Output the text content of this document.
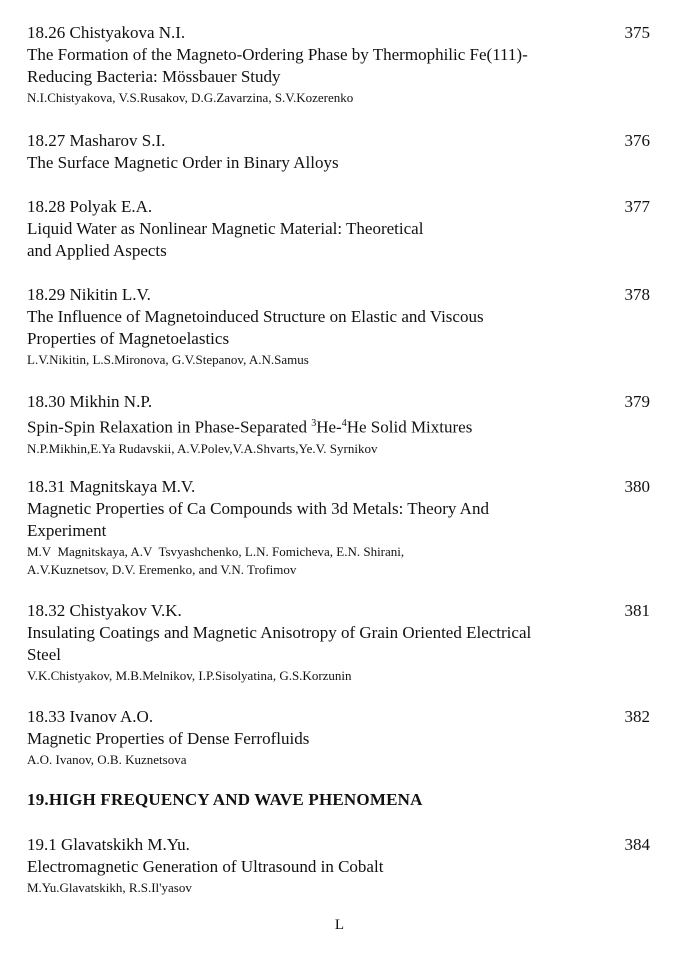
18.26 Chistyakova N.I.	375
The Formation of the Magneto-Ordering Phase by Thermophilic Fe(111)-
Reducing Bacteria: Mössbauer Study
N.I.Chistyakova, V.S.Rusakov, D.G.Zavarzina, S.V.Kozerenko
18.27 Masharov S.I.	376
The Surface Magnetic Order in Binary Alloys
18.28 Polyak E.A.	377
Liquid Water as Nonlinear Magnetic Material: Theoretical
and Applied Aspects
18.29 Nikitin L.V.	378
The Influence of Magnetoinduced Structure on Elastic and Viscous
Properties of Magnetoelastics
L.V.Nikitin, L.S.Mironova, G.V.Stepanov, A.N.Samus
18.30 Mikhin N.P.	379
Spin-Spin Relaxation in Phase-Separated $^3$He-$^4$He Solid Mixtures
N.P.Mikhin,E.Ya Rudavskii, A.V.Polev,V.A.Shvarts,Ye.V. Syrnikov
18.31 Magnitskaya M.V.	380
Magnetic Properties of Ca Compounds with 3d Metals: Theory And
Experiment
M.V  Magnitskaya, A.V  Tsvyashchenko, L.N. Fomicheva, E.N. Shirani,
A.V.Kuznetsov, D.V. Eremenko, and V.N. Trofimov
18.32 Chistyakov V.K.	381
Insulating Coatings and Magnetic Anisotropy of Grain Oriented Electrical
Steel
V.K.Chistyakov, M.B.Melnikov, I.P.Sisolyatina, G.S.Korzunin
18.33 Ivanov A.O.	382
Magnetic Properties of Dense Ferrofluids
A.O. Ivanov, O.B. Kuznetsova
19.HIGH FREQUENCY AND WAVE PHENOMENA
19.1 Glavatskikh M.Yu.	384
Electromagnetic Generation of Ultrasound in Cobalt
M.Yu.Glavatskikh, R.S.Il'yasov
L
